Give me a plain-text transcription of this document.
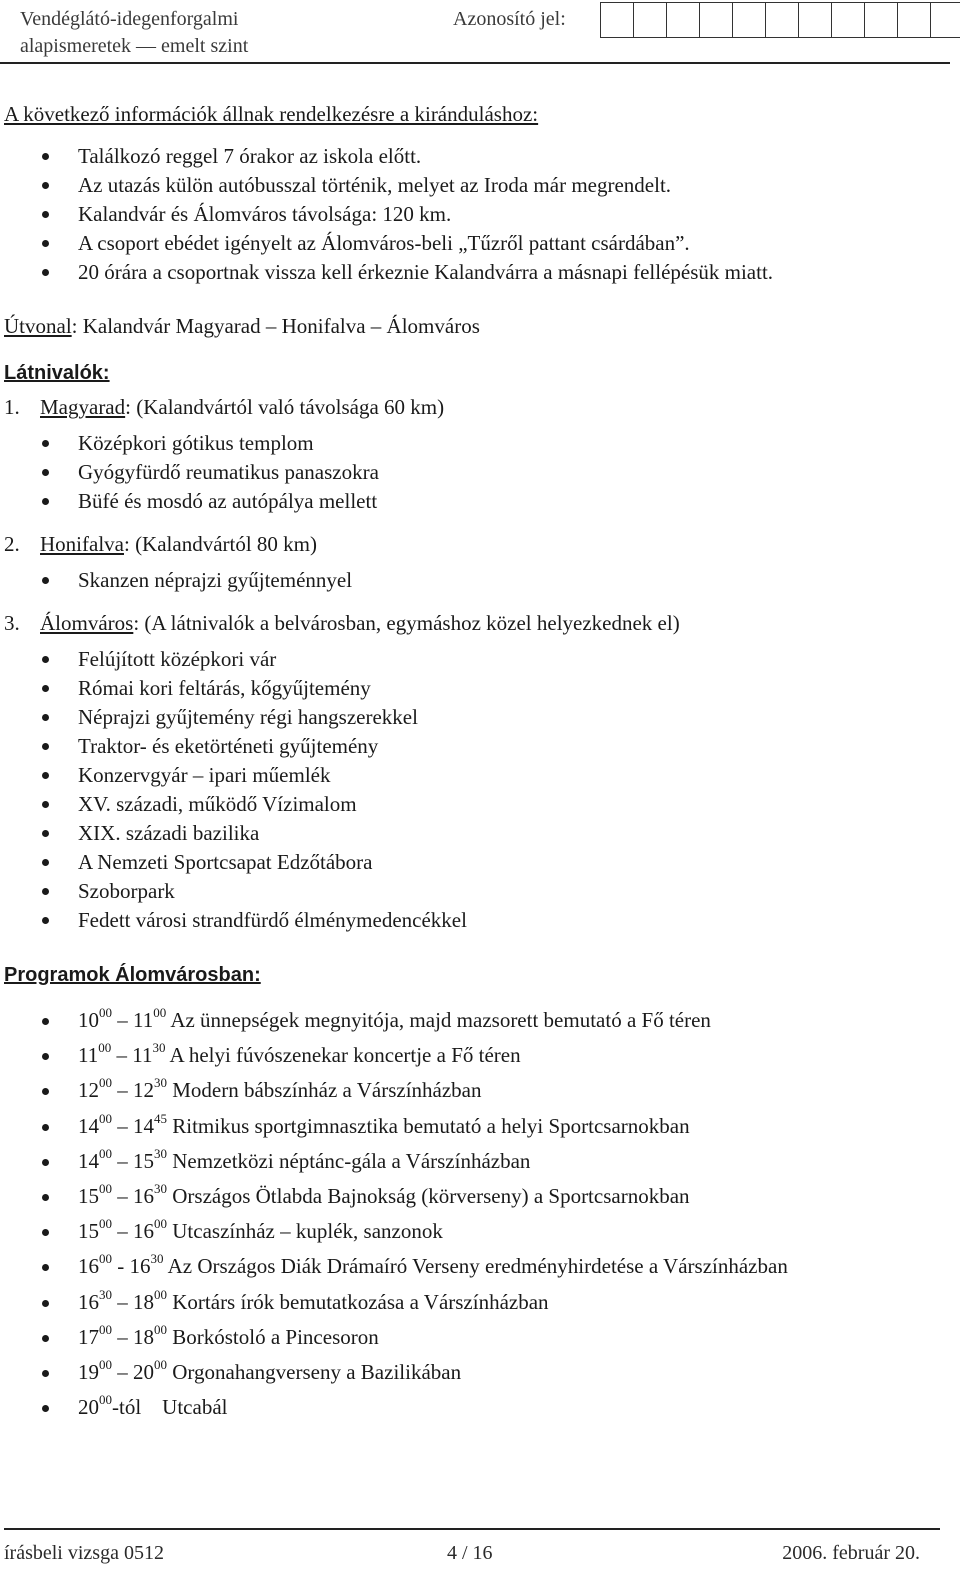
Vendéglátó-idegenforgalmi
alapismeretek — emelt szint
Azonosító jel:

A következő információk állnak rendelkezésre a kiránduláshoz:

Találkozó reggel 7 órakor az iskola előtt.
Az utazás külön autóbusszal történik, melyet az Iroda már megrendelt.
Kalandvár és Álomváros távolsága: 120 km.
A csoport ebédet igényelt az Álomváros-beli „Tűzről pattant csárdában”.
20 órára a csoportnak vissza kell érkeznie Kalandvárra a másnapi fellépésük miatt.

Útvonal: Kalandvár Magyarad – Honifalva – Álomváros

Látnivalók:

1. Magyarad: (Kalandvártól való távolsága 60 km)

Középkori gótikus templom
Gyógyfürdő reumatikus panaszokra
Büfé és mosdó az autópálya mellett

2. Honifalva: (Kalandvártól 80 km)

Skanzen néprajzi gyűjteménnyel

3. Álomváros: (A látnivalók a belvárosban, egymáshoz közel helyezkednek el)

Felújított középkori vár
Római kori feltárás, kőgyűjtemény
Néprajzi gyűjtemény régi hangszerekkel
Traktor- és eketörténeti gyűjtemény
Konzervgyár – ipari műemlék
XV. századi, működő Vízimalom
XIX. századi bazilika
A Nemzeti Sportcsapat Edzőtábora
Szoborpark
Fedett városi strandfürdő élménymedencékkel
Programok Álomvárosban:
$10^{00} - 11^{00}$ Az ünnepségek megnyitója, majd mazsorett bemutató a Fő téren
$11^{00} - 11^{30}$ A helyi fúvószenekar koncertje a Fő téren
$12^{00} - 12^{30}$ Modern bábszínház a Várszínházban
$14^{00} - 14^{45}$ Ritmikus sportgimnasztika bemutató a helyi Sportcsarnokban
$14^{00} - 15^{30}$ Nemzetközi néptánc-gála a Várszínházban
$15^{00} - 16^{30}$ Országos Ötlabda Bajnokság (körverseny) a Sportcsarnokban
$15^{00} - 16^{00}$ Utcaszínház – kuplék, sanzonok
$16^{00} - 16^{30}$ Az Országos Diák Drámaíró Verseny eredményhirdetése a Várszínházban
$16^{30} - 18^{00}$ Kortárs írók bemutatkozása a Várszínházban
$17^{00} - 18^{00}$ Borkóstoló a Pincesoron
$19^{00} - 20^{00}$ Orgonahangverseny a Bazilikában
$20^{00}$-tól    Utcabál
írásbeli vizsga 0512	4 / 16	2006. február 20.
